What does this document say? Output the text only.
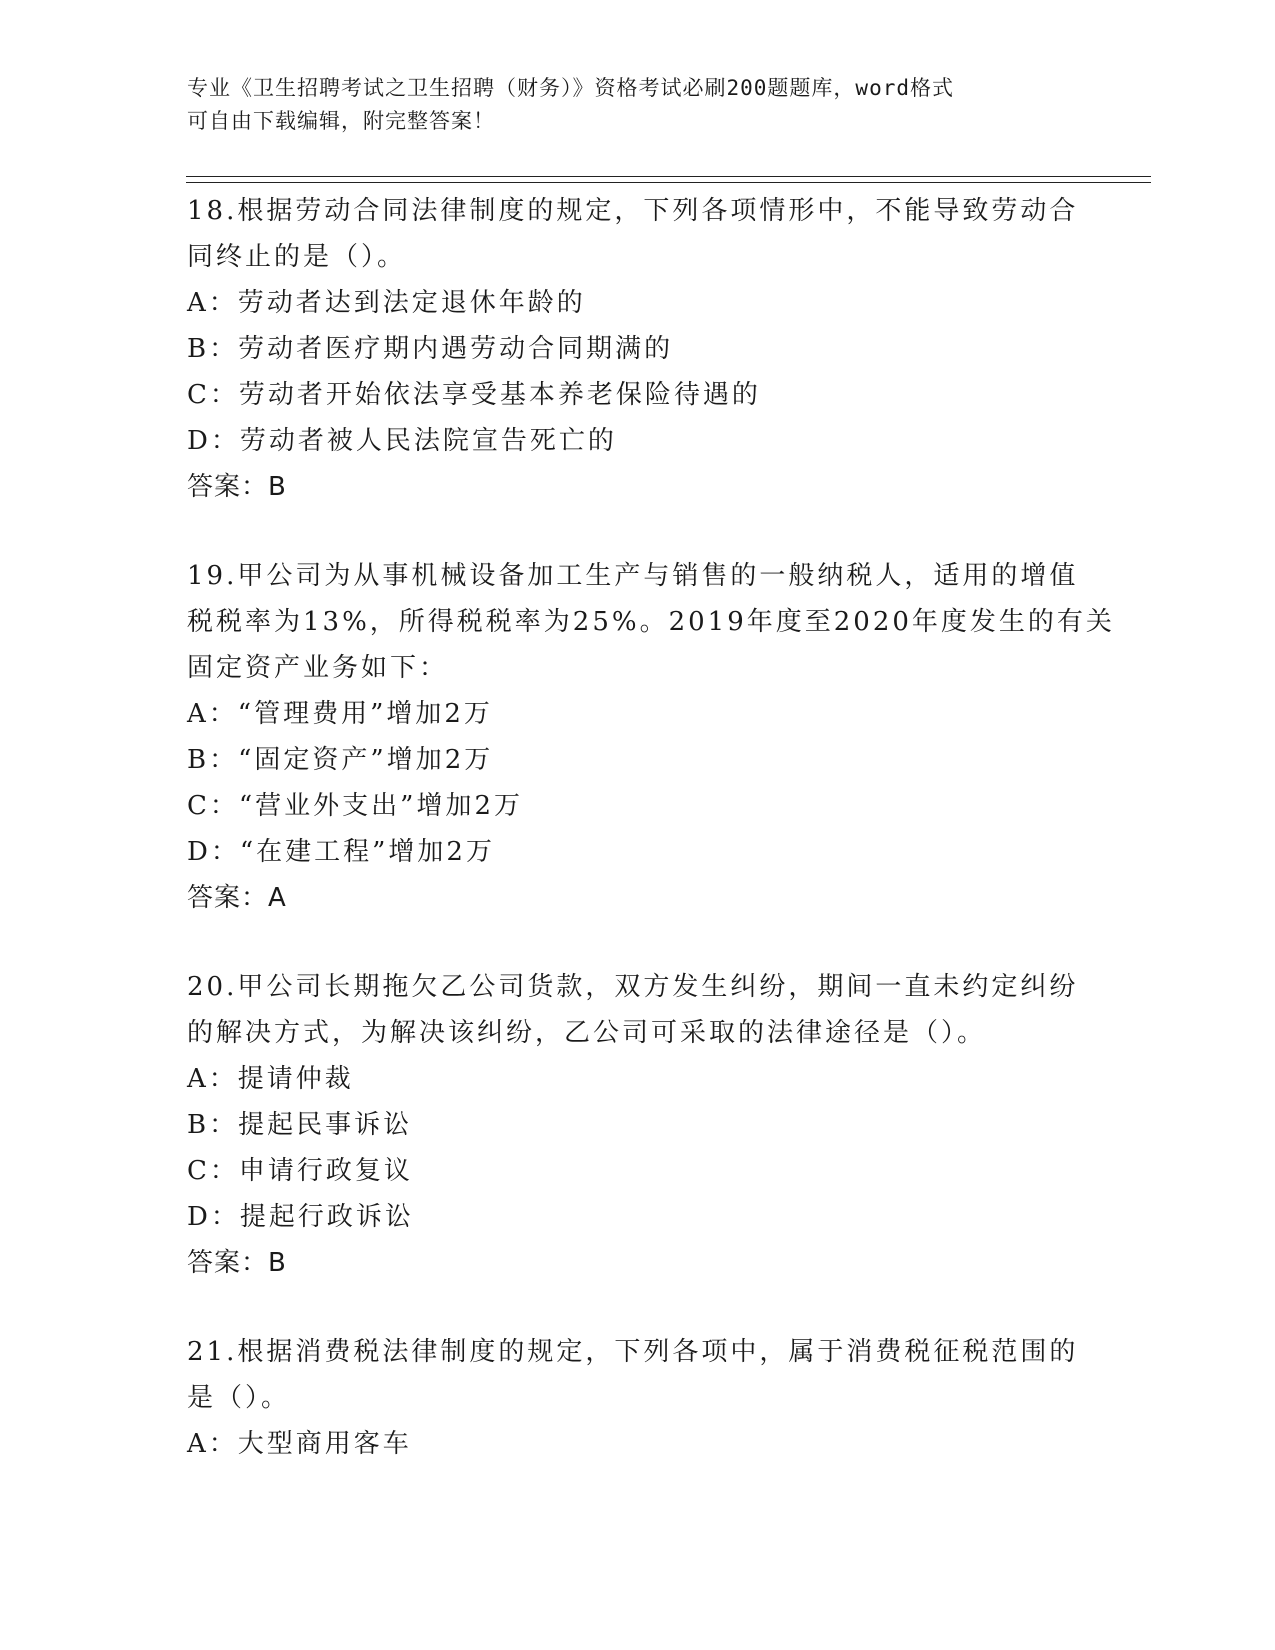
专业《卫生招聘考试之卫生招聘（财务）》资格考试必刷200题题库，word格式
可自由下载编辑，附完整答案！
18.根据劳动合同法律制度的规定，下列各项情形中，不能导致劳动合
同终止的是（）。
A：劳动者达到法定退休年龄的
B：劳动者医疗期内遇劳动合同期满的
C：劳动者开始依法享受基本养老保险待遇的
D：劳动者被人民法院宣告死亡的
答案：B
19.甲公司为从事机械设备加工生产与销售的一般纳税人，适用的增值
税税率为13%，所得税税率为25%。2019年度至2020年度发生的有关
固定资产业务如下：
A：“管理费用”增加2万
B：“固定资产”增加2万
C：“营业外支出”增加2万
D：“在建工程”增加2万
答案：A
20.甲公司长期拖欠乙公司货款，双方发生纠纷，期间一直未约定纠纷
的解决方式，为解决该纠纷，乙公司可采取的法律途径是（）。
A：提请仲裁
B：提起民事诉讼
C：申请行政复议
D：提起行政诉讼
答案：B
21.根据消费税法律制度的规定，下列各项中，属于消费税征税范围的
是（）。
A：大型商用客车
